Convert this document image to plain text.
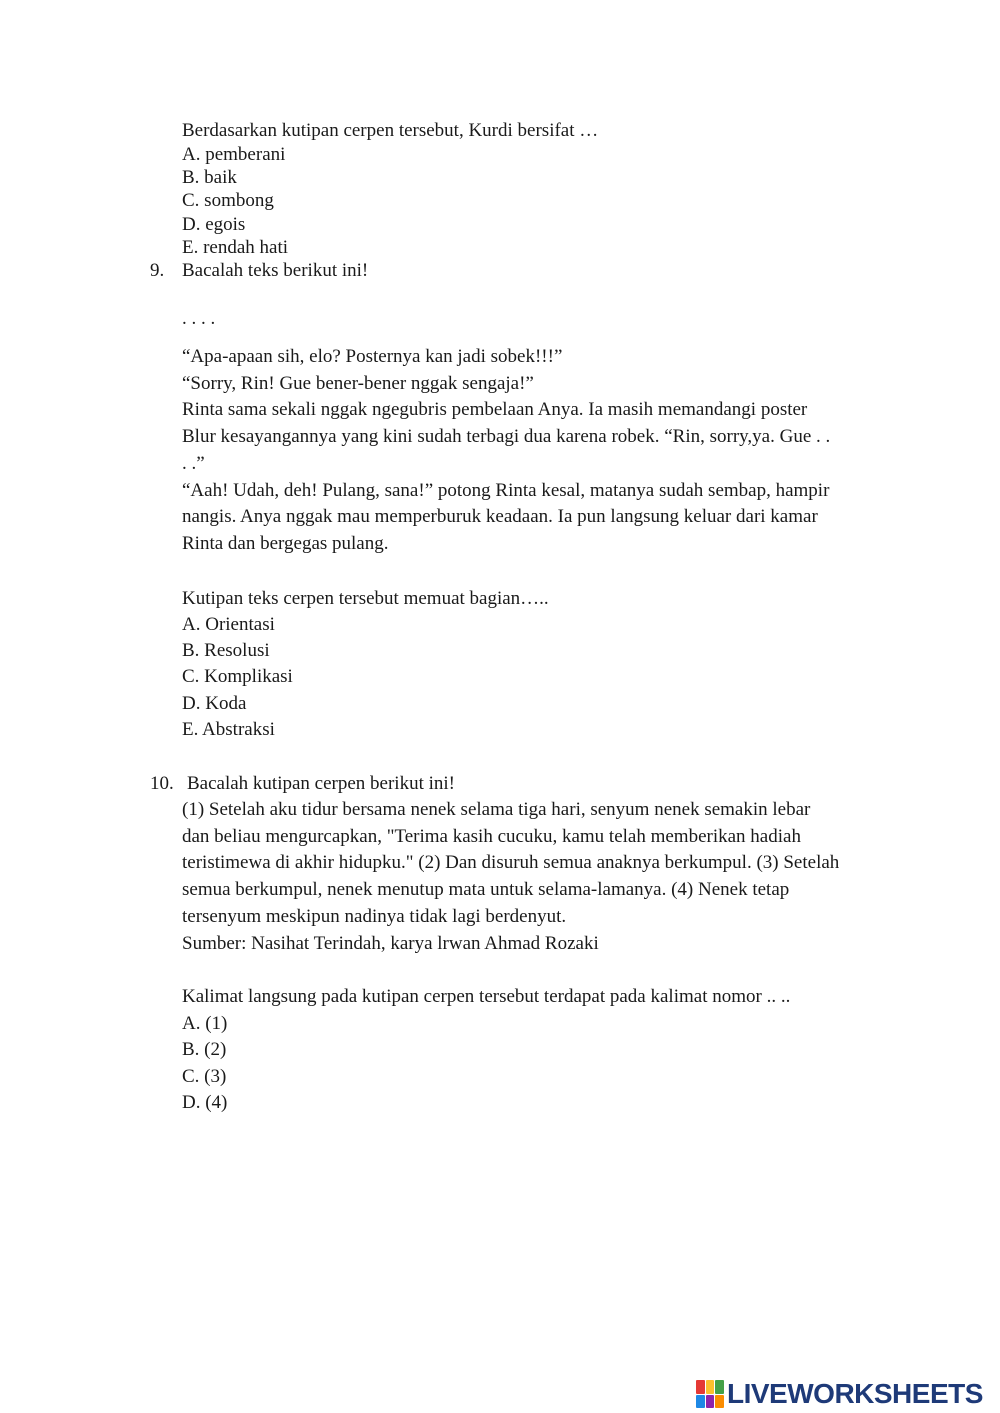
Berdasarkan kutipan cerpen tersebut, Kurdi bersifat …
A. pemberani
B. baik
C. sombong
D. egois
E. rendah hati
9. Bacalah teks berikut ini!
. . . .
“Apa-apaan sih, elo? Posternya kan jadi sobek!!!”
“Sorry, Rin! Gue bener-bener nggak sengaja!”
Rinta sama sekali nggak ngegubris pembelaan Anya. Ia masih memandangi poster
Blur kesayangannya yang kini sudah terbagi dua karena robek. “Rin, sorry,ya. Gue . .
. .”
“Aah! Udah, deh! Pulang, sana!” potong Rinta kesal, matanya sudah sembap, hampir
nangis. Anya nggak mau memperburuk keadaan. Ia pun langsung keluar dari kamar
Rinta dan bergegas pulang.
Kutipan teks cerpen tersebut memuat bagian…..
A. Orientasi
B. Resolusi
C. Komplikasi
D. Koda
E. Abstraksi
10. Bacalah kutipan cerpen berikut ini!
(1) Setelah aku tidur bersama nenek selama tiga hari, senyum nenek semakin lebar
dan beliau mengurcapkan, "Terima kasih cucuku, kamu telah memberikan hadiah
teristimewa di akhir hidupku." (2) Dan disuruh semua anaknya berkumpul. (3) Setelah
semua berkumpul, nenek menutup mata untuk selama-lamanya. (4) Nenek tetap
tersenyum meskipun nadinya tidak lagi berdenyut.
Sumber: Nasihat Terindah, karya lrwan Ahmad Rozaki
Kalimat langsung pada kutipan cerpen tersebut terdapat pada kalimat nomor .. ..
A. (1)
B. (2)
C. (3)
D. (4)
LIVEWORKSHEETS
